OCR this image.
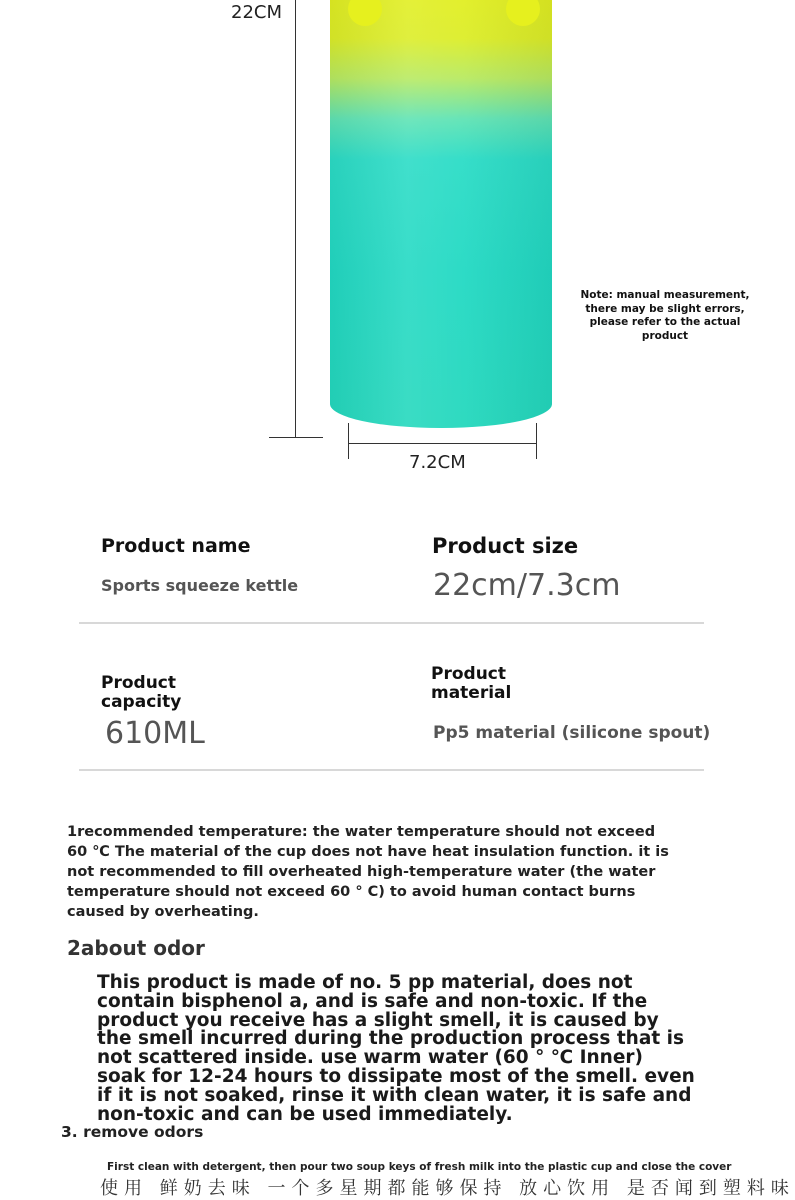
22CM
7.2CM
Note: manual measurement, there may be slight errors, please refer to the actual product
Product name
Sports squeeze kettle
Product size
22cm/7.3cm
Product
capacity
610ML
Product
material
Pp5 material (silicone spout)
1recommended temperature: the water temperature should not exceed 60 ℃ The material of the cup does not have heat insulation function. it is not recommended to fill overheated high-temperature water (the water temperature should not exceed 60 ° C) to avoid human contact burns caused by overheating.
2about odor
This product is made of no. 5 pp material, does not contain bisphenol a, and is safe and non-toxic. If the product you receive has a slight smell, it is caused by the smell incurred during the production process that is not scattered inside. use warm water (60 ° ℃ Inner) soak for 12-24 hours to dissipate most of the smell. even if it is not soaked, rinse it with clean water, it is safe and non-toxic and can be used immediately.
3. remove odors
First clean with detergent, then pour two soup keys of fresh milk into the plastic cup and close the cover
使用 鲜奶去味 一个多星期都能够保持 放心饮用 是否闻到塑料味
